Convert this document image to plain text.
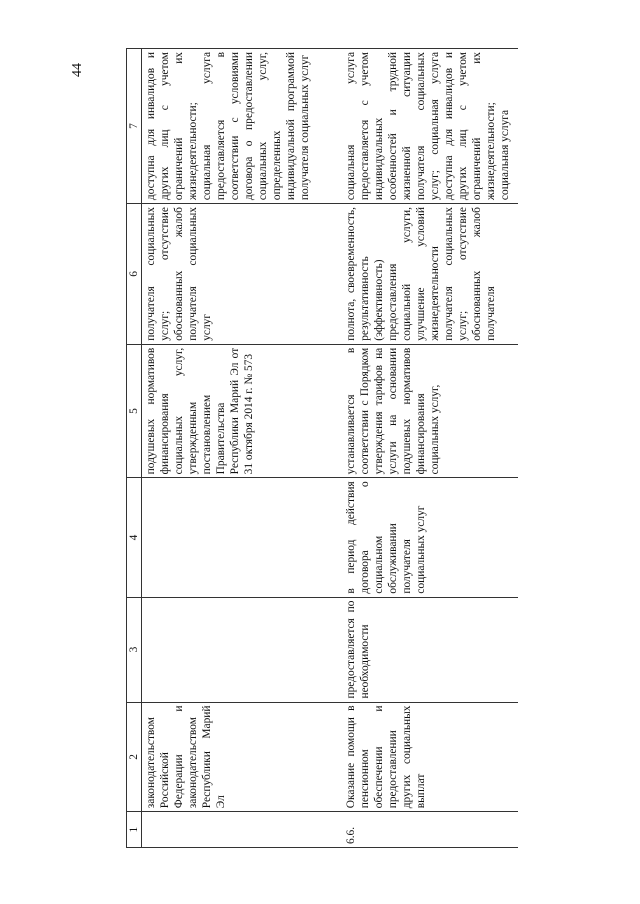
44
1	2	3	4	5	6	7
	законодательством Российской Федерации и законодательством Республики Марий Эл			подушевых нормативов финансирования социальных услуг, утвержденным постановлением Правительства Республики Марий Эл от 31 октября 2014 г. № 573	получателя социальных услуг; отсутствие обоснованных жалоб получателя социальных услуг	доступна для инвалидов и других лиц с учетом ограничений их жизнедеятельности; социальная услуга предоставляется в соответствии с условиями договора о предоставлении социальных услуг, определенных индивидуальной программой получателя социальных услуг
6.6.	Оказание помощи в пенсионном обеспечении и предоставлении других социальных выплат	предоставляется по необходимости	в период действия договора о социальном обслуживании получателя социальных услуг	устанавливается в соответствии с Порядком утверждения тарифов на услуги на основании подушевых нормативов финансирования социальных услуг,	полнота, своевременность, результативность (эффективность) предоставления социальной услуги, улучшение условий жизнедеятельности получателя социальных услуг; отсутствие обоснованных жалоб получателя	социальная услуга предоставляется с учетом индивидуальных особенностей и трудной жизненной ситуации получателя социальных услуг; социальная услуга доступна для инвалидов и других лиц с учетом ограничений их жизнедеятельности; социальная услуга
